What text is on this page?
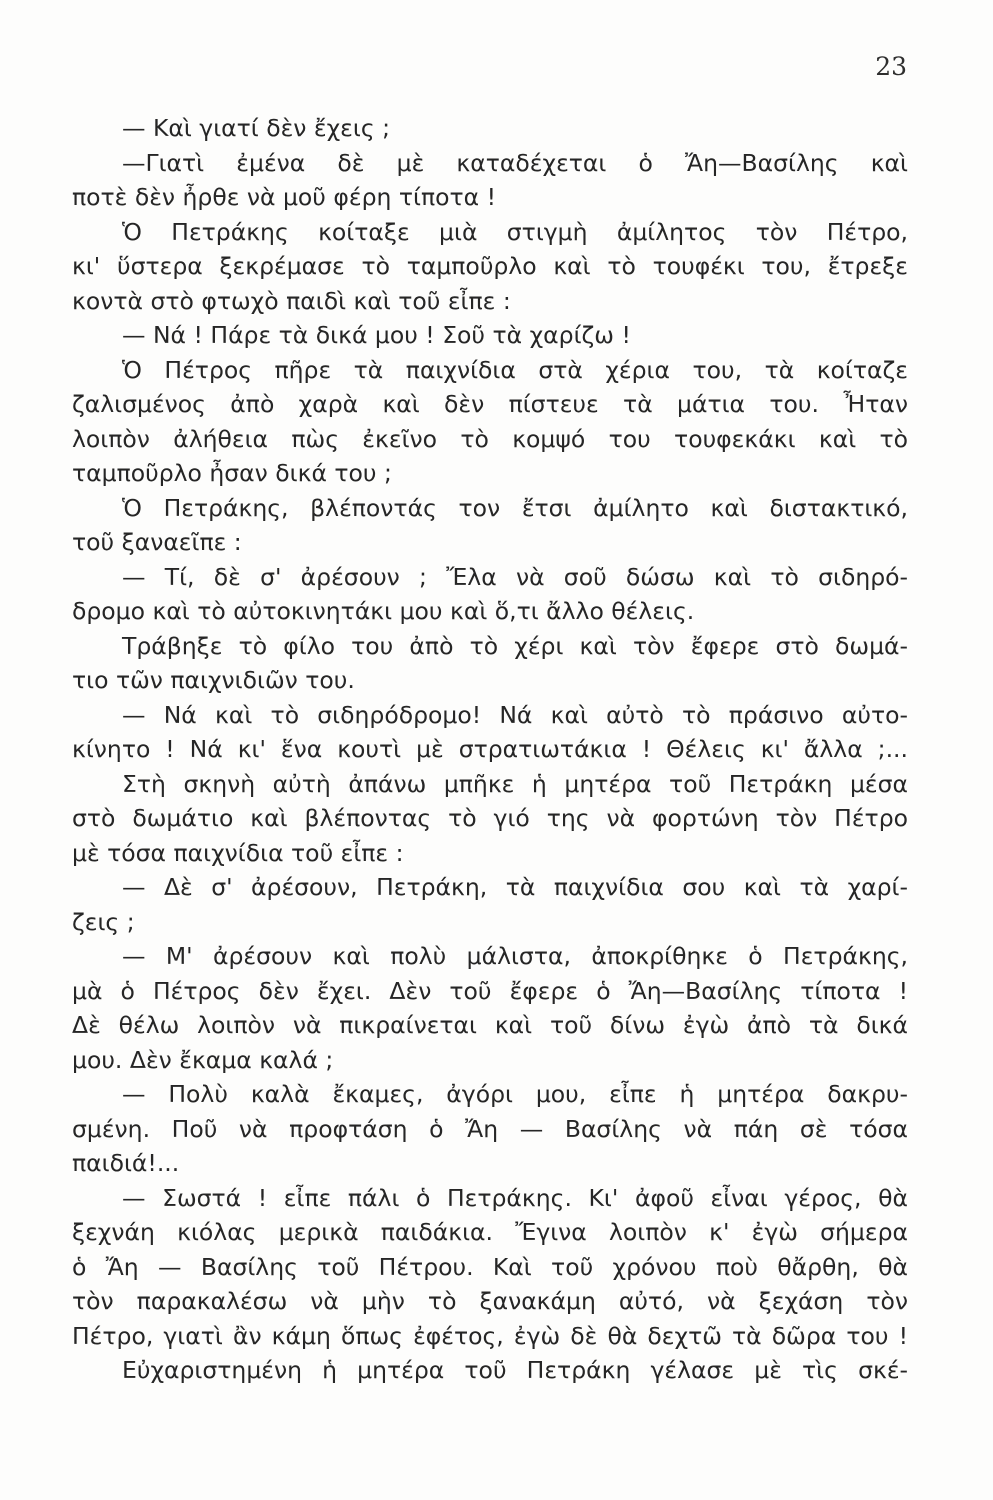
23
— Καὶ γιατί δὲν ἔχεις ;
—Γιατὶ ἐμένα δὲ μὲ καταδέχεται ὁ Ἄη—Βασίλης καὶ
ποτὲ δὲν ἦρθε νὰ μοῦ φέρη τίποτα !
Ὁ Πετράκης κοίταξε μιὰ στιγμὴ ἀμίλητος τὸν Πέτρο,
κι' ὕστερα ξεκρέμασε τὸ ταμποῦρλο καὶ τὸ τουφέκι του, ἔτρεξε
κοντὰ στὸ φτωχὸ παιδὶ καὶ τοῦ εἶπε :
— Νά ! Πάρε τὰ δικά μου ! Σοῦ τὰ χαρίζω !
Ὁ Πέτρος πῆρε τὰ παιχνίδια στὰ χέρια του, τὰ κοίταζε
ζαλισμένος ἀπὸ χαρὰ καὶ δὲν πίστευε τὰ μάτια του. Ἦταν
λοιπὸν ἀλήθεια πὼς ἐκεῖνο τὸ κομψό του τουφεκάκι καὶ τὸ
ταμποῦρλο ἦσαν δικά του ;
Ὁ Πετράκης, βλέποντάς τον ἔτσι ἀμίλητο καὶ διστακτικό,
τοῦ ξαναεῖπε :
— Τί, δὲ σ' ἀρέσουν ; Ἔλα νὰ σοῦ δώσω καὶ τὸ σιδηρό-
δρομο καὶ τὸ αὐτοκινητάκι μου καὶ ὅ,τι ἄλλο θέλεις.
Τράβηξε τὸ φίλο του ἀπὸ τὸ χέρι καὶ τὸν ἔφερε στὸ δωμά-
τιο τῶν παιχνιδιῶν του.
— Νά καὶ τὸ σιδηρόδρομο! Νά καὶ αὐτὸ τὸ πράσινο αὐτο-
κίνητο ! Νά κι' ἕνα κουτὶ μὲ στρατιωτάκια ! Θέλεις κι' ἄλλα ;...
Στὴ σκηνὴ αὐτὴ ἀπάνω μπῆκε ἡ μητέρα τοῦ Πετράκη μέσα
στὸ δωμάτιο καὶ βλέποντας τὸ γιό της νὰ φορτώνη τὸν Πέτρο
μὲ τόσα παιχνίδια τοῦ εἶπε :
— Δὲ σ' ἀρέσουν, Πετράκη, τὰ παιχνίδια σου καὶ τὰ χαρί-
ζεις ;
— Μ' ἀρέσουν καὶ πολὺ μάλιστα, ἀποκρίθηκε ὁ Πετράκης,
μὰ ὁ Πέτρος δὲν ἔχει. Δὲν τοῦ ἔφερε ὁ Ἄη—Βασίλης τίποτα !
Δὲ θέλω λοιπὸν νὰ πικραίνεται καὶ τοῦ δίνω ἐγὼ ἀπὸ τὰ δικά
μου. Δὲν ἔκαμα καλά ;
— Πολὺ καλὰ ἔκαμες, ἀγόρι μου, εἶπε ἡ μητέρα δακρυ-
σμένη. Ποῦ νὰ προφτάση ὁ Ἄη — Βασίλης νὰ πάη σὲ τόσα
παιδιά!...
— Σωστά ! εἶπε πάλι ὁ Πετράκης. Κι' ἀφοῦ εἶναι γέρος, θὰ
ξεχνάη κιόλας μερικὰ παιδάκια. Ἔγινα λοιπὸν κ' ἐγὼ σήμερα
ὁ Ἄη — Βασίλης τοῦ Πέτρου. Καὶ τοῦ χρόνου ποὺ θἄρθη, θὰ
τὸν παρακαλέσω νὰ μὴν τὸ ξανακάμη αὐτό, νὰ ξεχάση τὸν
Πέτρο, γιατὶ ἂν κάμη ὅπως ἐφέτος, ἐγὼ δὲ θὰ δεχτῶ τὰ δῶρα του !
Εὐχαριστημένη ἡ μητέρα τοῦ Πετράκη γέλασε μὲ τὶς σκέ-
